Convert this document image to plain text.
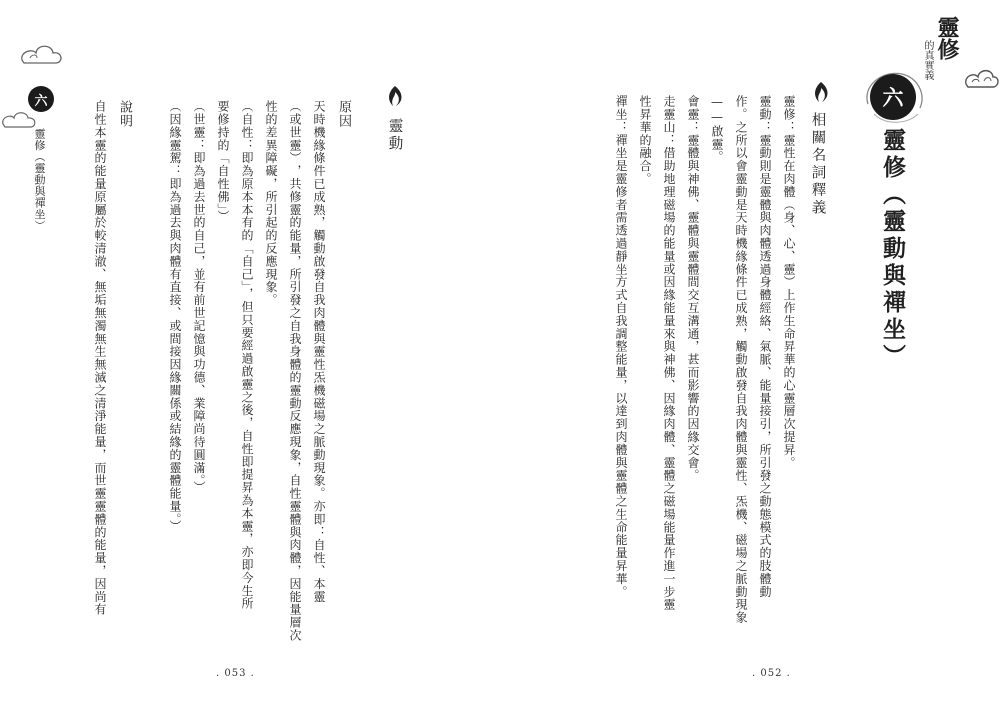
靈修
的真實義
六
靈修︵靈動與禪坐︶
相關名詞釋義
靈修：靈性在肉體︵身、心、靈︶上作生命昇華的心靈層次提昇。
靈動：靈動則是靈體與肉體透過身體經絡、氣脈、能量接引，所引發之動態模式的肢體動
作。之所以會靈動是天時機緣條件已成熟，觸動啟發自我肉體與靈性、炁機、磁場之脈動現象
——啟靈。
會靈：靈體與神佛、靈體與靈體間交互溝通，甚而影響的因緣交會。
走靈山：借助地理磁場的能量或因緣能量來與神佛、因緣肉體、靈體之磁場能量作進一步靈
性昇華的融合。
禪坐：禪坐是靈修者需透過靜坐方式自我調整能量，以達到肉體與靈體之生命能量昇華。
. 052 .
六
靈修︵靈動與禪坐︶	靈動
原因
天時機緣條件已成熟，觸動啟發自我肉體與靈性炁機磁場之脈動現象。亦即：自性、本靈
︵或世靈︶，共修靈的能量，所引發之自我身體的靈動反應現象，自性靈體與肉體，因能量層次
性的差異障礙，所引起的反應現象。
︵自性：即為原本本有的「自己」，但只要經過啟靈之後，自性即提昇為本靈，亦即今生所
要修持的「自性佛」︶
︵世靈：即為過去世的自己，並有前世記憶與功德、業障尚待圓滿。︶
︵因緣靈駕：即為過去與肉體有直接、或間接因緣關係或結緣的靈體能量。︶
說明
自性本靈的能量原屬於較清澈、無垢無濁無生無滅之清淨能量，而世靈靈體的能量，因尚有
. 053 .
